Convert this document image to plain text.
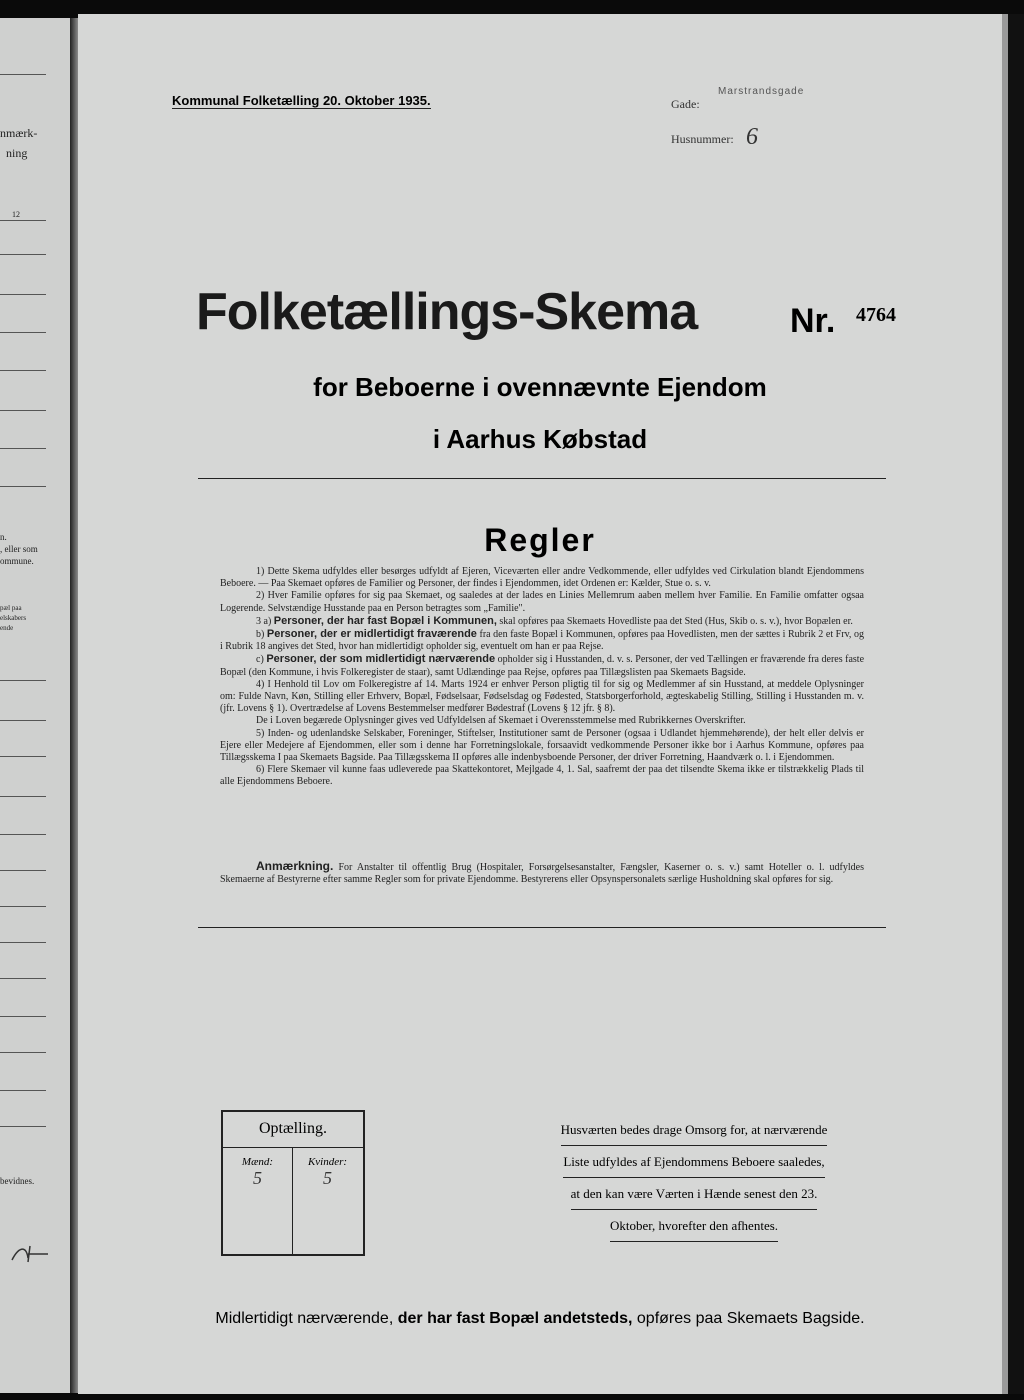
nmærk-
ning
12
n.
, eller som
ommune.
pæl paa
elskabers
ende
bevidnes.
Kommunal Folketælling 20. Oktober 1935.	Gade:
Marstrandsgade
Husnummer: 6
Folketællings-Skema	Nr. 4764
for Beboerne i ovennævnte Ejendom
i Aarhus Købstad
Regler

1) Dette Skema udfyldes eller besørges udfyldt af Ejeren, Viceværten eller andre Vedkommende, eller udfyldes ved Cirkulation blandt Ejendommens Beboere. — Paa Skemaet opføres de Familier og Personer, der findes i Ejendommen, idet Ordenen er: Kælder, Stue o. s. v.

2) Hver Familie opføres for sig paa Skemaet, og saaledes at der lades en Linies Mellemrum aaben mellem hver Familie. En Familie omfatter ogsaa Logerende. Selvstændige Husstande paa en Person betragtes som „Familie".

3 a) Personer, der har fast Bopæl i Kommunen, skal opføres paa Skemaets Hovedliste paa det Sted (Hus, Skib o. s. v.), hvor Bopælen er.

b) Personer, der er midlertidigt fraværende fra den faste Bopæl i Kommunen, opføres paa Hovedlisten, men der sættes i Rubrik 2 et Frv, og i Rubrik 18 angives det Sted, hvor han midlertidigt opholder sig, eventuelt om han er paa Rejse.

c) Personer, der som midlertidigt nærværende opholder sig i Husstanden, d. v. s. Personer, der ved Tællingen er fraværende fra deres faste Bopæl (den Kommune, i hvis Folkeregister de staar), samt Udlændinge paa Rejse, opføres paa Tillægslisten paa Skemaets Bagside.

4) I Henhold til Lov om Folkeregistre af 14. Marts 1924 er enhver Person pligtig til for sig og Medlemmer af sin Husstand, at meddele Oplysninger om: Fulde Navn, Køn, Stilling eller Erhverv, Bopæl, Fødselsaar, Fødselsdag og Fødested, Statsborgerforhold, ægteskabelig Stilling, Stilling i Husstanden m. v. (jfr. Lovens § 1). Overtrædelse af Lovens Bestemmelser medfører Bødestraf (Lovens § 12 jfr. § 8).

De i Loven begærede Oplysninger gives ved Udfyldelsen af Skemaet i Overensstemmelse med Rubrikkernes Overskrifter.

5) Inden- og udenlandske Selskaber, Foreninger, Stiftelser, Institutioner samt de Personer (ogsaa i Udlandet hjemmehørende), der helt eller delvis er Ejere eller Medejere af Ejendommen, eller som i denne har Forretningslokale, forsaavidt vedkommende Personer ikke bor i Aarhus Kommune, opføres paa Tillægsskema I paa Skemaets Bagside. Paa Tillægsskema II opføres alle indenbysboende Personer, der driver Forretning, Haandværk o. l. i Ejendommen.

6) Flere Skemaer vil kunne faas udleverede paa Skattekontoret, Mejlgade 4, 1. Sal, saafremt der paa det tilsendte Skema ikke er tilstrækkelig Plads til alle Ejendommens Beboere.

Anmærkning. For Anstalter til offentlig Brug (Hospitaler, Forsørgelsesanstalter, Fængsler, Kaserner o. s. v.) samt Hoteller o. l. udfyldes Skemaerne af Bestyrerne efter samme Regler som for private Ejendomme. Bestyrerens eller Opsynspersonalets særlige Husholdning skal opføres for sig.

Optælling.
Mænd:
5
Kvinder:
5
Husværten bedes drage Omsorg for, at nærværende
Liste udfyldes af Ejendommens Beboere saaledes,
at den kan være Værten i Hænde senest den 23.
Oktober, hvorefter den afhentes.
Midlertidigt nærværende, der har fast Bopæl andetsteds, opføres paa Skemaets Bagside.
